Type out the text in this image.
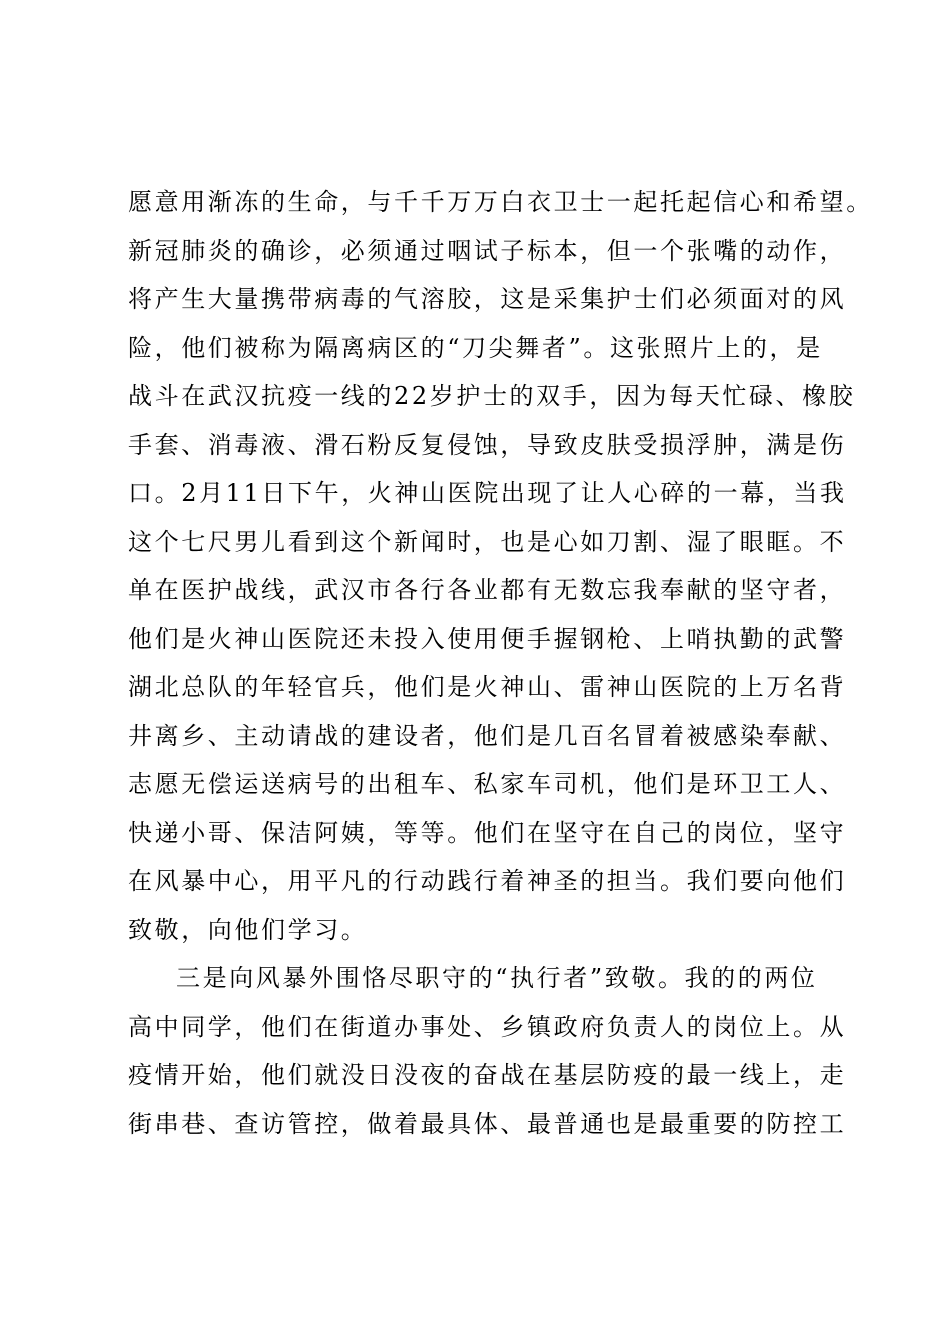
愿意用渐冻的生命，与千千万万白衣卫士一起托起信心和希望。
新冠肺炎的确诊，必须通过咽试子标本，但一个张嘴的动作，
将产生大量携带病毒的气溶胶，这是采集护士们必须面对的风
险，他们被称为隔离病区的“刀尖舞者”。这张照片上的，是
战斗在武汉抗疫一线的22岁护士的双手，因为每天忙碌、橡胶
手套、消毒液、滑石粉反复侵蚀，导致皮肤受损浮肿，满是伤
口。2月11日下午，火神山医院出现了让人心碎的一幕，当我
这个七尺男儿看到这个新闻时，也是心如刀割、湿了眼眶。不
单在医护战线，武汉市各行各业都有无数忘我奉献的坚守者，
他们是火神山医院还未投入使用便手握钢枪、上哨执勤的武警
湖北总队的年轻官兵，他们是火神山、雷神山医院的上万名背
井离乡、主动请战的建设者，他们是几百名冒着被感染奉献、
志愿无偿运送病号的出租车、私家车司机，他们是环卫工人、
快递小哥、保洁阿姨，等等。他们在坚守在自己的岗位，坚守
在风暴中心，用平凡的行动践行着神圣的担当。我们要向他们
致敬，向他们学习。
三是向风暴外围恪尽职守的“执行者”致敬。我的的两位
高中同学，他们在街道办事处、乡镇政府负责人的岗位上。从
疫情开始，他们就没日没夜的奋战在基层防疫的最一线上，走
街串巷、查访管控，做着最具体、最普通也是最重要的防控工
